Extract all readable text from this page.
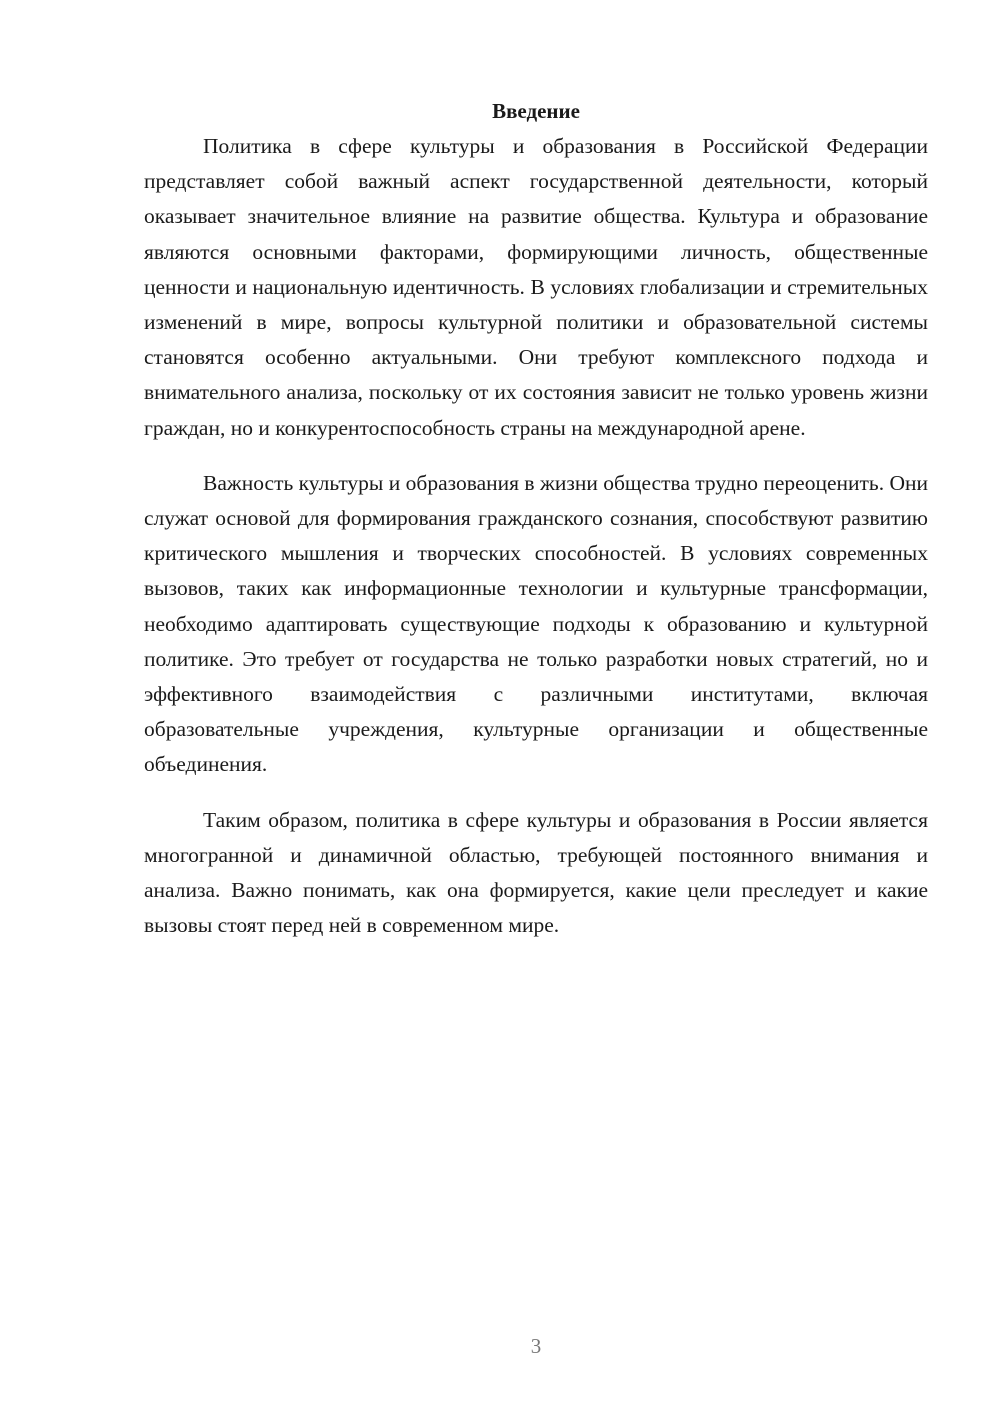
Введение

Политика в сфере культуры и образования в Российской Федерации представляет собой важный аспект государственной деятельности, который оказывает значительное влияние на развитие общества. Культура и образование являются основными факторами, формирующими личность, общественные ценности и национальную идентичность. В условиях глобализации и стремительных изменений в мире, вопросы культурной политики и образовательной системы становятся особенно актуальными. Они требуют комплексного подхода и внимательного анализа, поскольку от их состояния зависит не только уровень жизни граждан, но и конкурентоспособность страны на международной арене.

Важность культуры и образования в жизни общества трудно переоценить. Они служат основой для формирования гражданского сознания, способствуют развитию критического мышления и творческих способностей. В условиях современных вызовов, таких как информационные технологии и культурные трансформации, необходимо адаптировать существующие подходы к образованию и культурной политике. Это требует от государства не только разработки новых стратегий, но и эффективного взаимодействия с различными институтами, включая образовательные учреждения, культурные организации и общественные объединения.

Таким образом, политика в сфере культуры и образования в России является многогранной и динамичной областью, требующей постоянного внимания и анализа. Важно понимать, как она формируется, какие цели преследует и какие вызовы стоят перед ней в современном мире.

3
